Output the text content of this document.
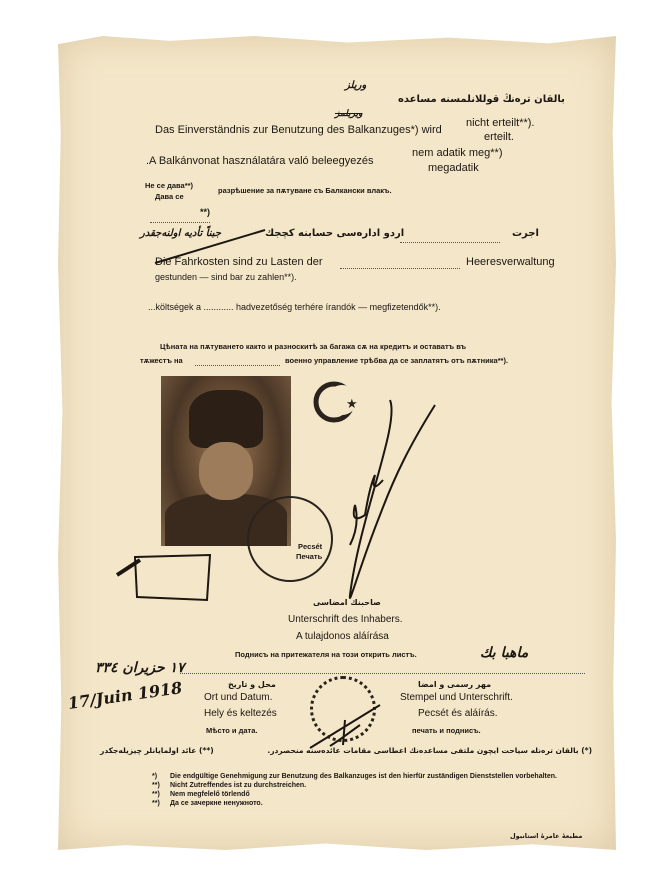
وريلز
بالقان ترەنڭ قوللانلمسنه مساعده
ويريلمز
Das Einverständnis zur Benutzung des Balkanzuges*) wird
nicht erteilt**).
erteilt.
.A Balkánvonat használatára való beleegyezés
nem adatik meg**)
megadatik
Не се дава**)
Дава се
разрѣшение за пѫтуване съ Балкански влакъ.
**)
جبناً تأديه اولنه‌جقدر	اردو اداره‌سی حسابنه کچجك	اجرت
Die Fahrkosten sind zu Lasten der	Heeresverwaltung
gestunden — sind bar zu zahlen**).
...költségek a ............ hadvezetőség terhére írandók — megfizetendők**).
Цѣната на пѫтуването както и разноскитѣ за багажа сѫ на кредитъ и оставатъ въ
тѫжестъ на	военно управление трѣбва да се заплатятъ отъ пѫтника**).
Pecsét
Печать
★
صاحبنك امضاسی
Unterschrift des Inhabers.
A tulajdonos aláírása
Поднисъ на притежателя на този открить листъ.	ماهبا بك
١٧ حزيران ٣٣٤
17/Juin 1918	محل و تاريخ
Ort und Datum.
Hely és keltezés
Мѣсто и дата.
مهر رسمی و امضا
Stempel und Unterschrift.
Pecsét és aláírás.
печать и поднисъ.
(*) بالقان ترەنله سياحت ايچون ملتفى مساعده‌نك اعطاسى مقامات عائدەسنه منحصردر.
(**) عائد اولمايانلر چيزيله‌جكدر
*)	Die endgültige Genehmigung zur Benutzung des Balkanzuges ist den hierfür zuständigen Dienststellen vorbehalten.
**)	Nicht Zutreffendes ist zu durchstreichen.
**)	Nem megfelelő törlendő
**)	Да се зачеркне ненужното.
مطبعهٔ عامرهٔ استانبول
